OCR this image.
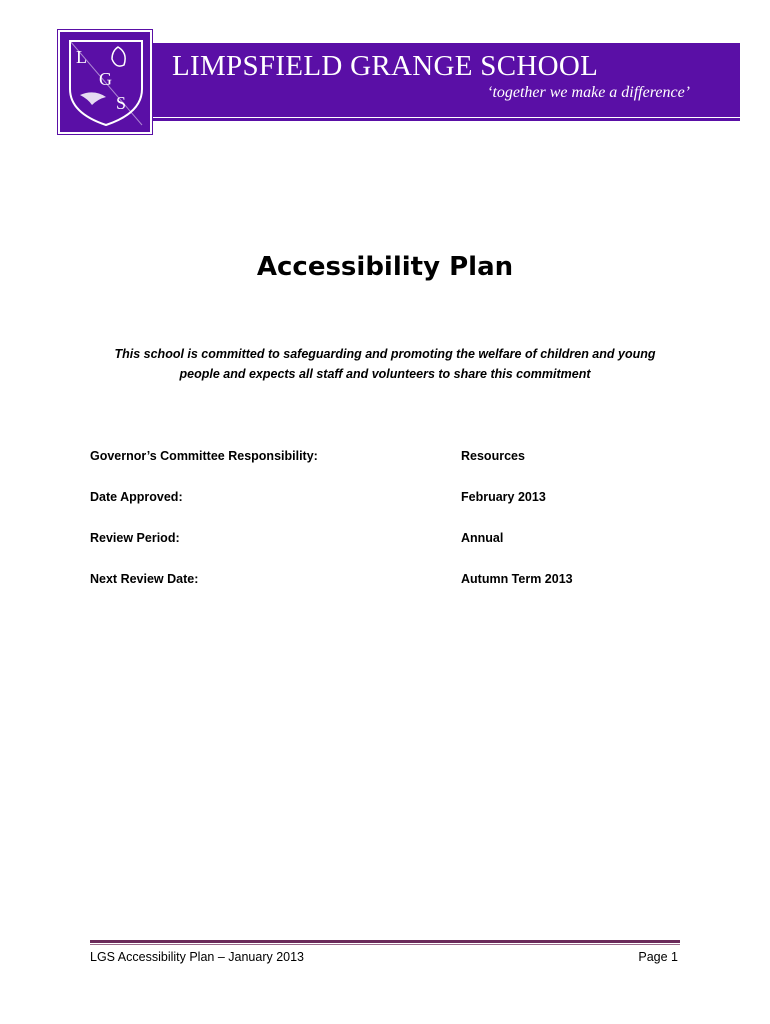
L
G
S
LIMPSFIELD GRANGE SCHOOL
‘together we make a difference’
Accessibility Plan
This school is committed to safeguarding and promoting the welfare of children and young
people and expects all staff and volunteers to share this commitment
Governor’s Committee Responsibility:	Resources
Date Approved:	February 2013
Review Period:	Annual
Next Review Date:	Autumn Term 2013
LGS Accessibility Plan – January 2013	Page 1
